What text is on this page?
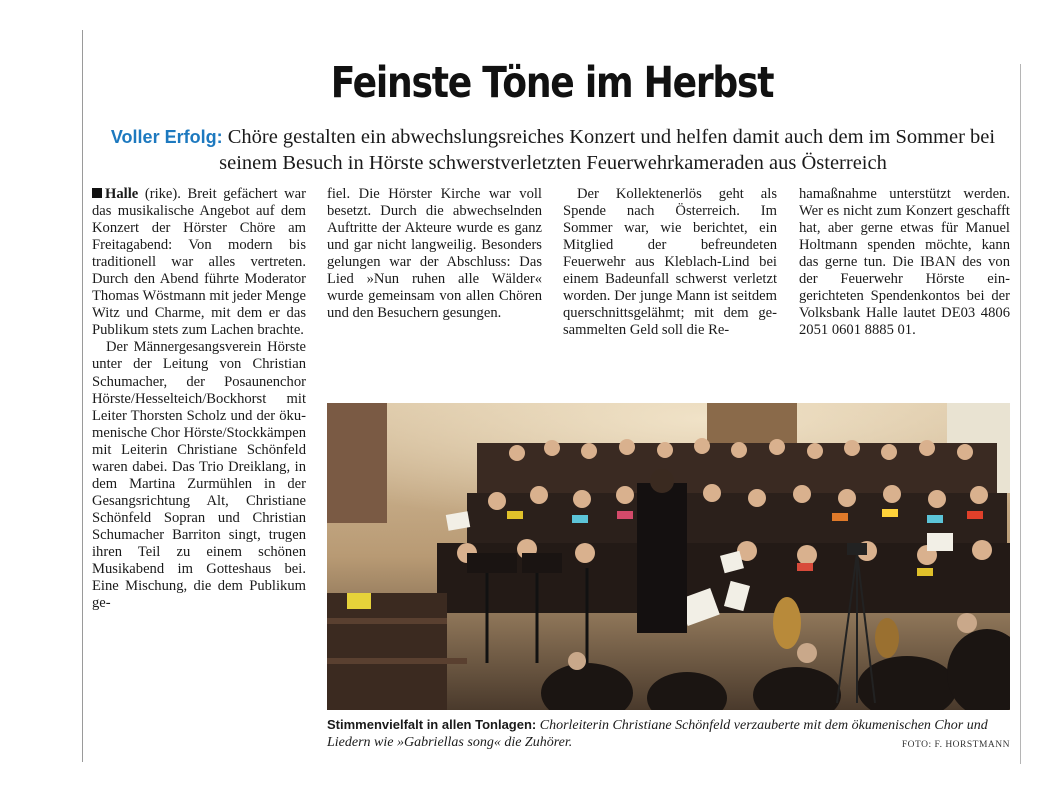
Feinste Töne im Herbst
Voller Erfolg: Chöre gestalten ein abwechslungsreiches Konzert und helfen damit auch dem im Sommer bei seinem Besuch in Hörste schwerstverletzten Feuerwehrkameraden aus Österreich

Halle (rike). Breit gefächert war das musikalische Angebot auf dem Konzert der Hörster Chöre am Freitagabend: Von modern bis traditionell war alles vertreten. Durch den Abend führte Moderator Thomas Wöstmann mit jeder Menge Witz und Charme, mit dem er das Publikum stets zum Lachen brachte.

Der Männergesangsverein Hörste unter der Leitung von Christian Schumacher, der Posaunenchor Hörste/Hesselteich/Bockhorst mit Leiter Thorsten Scholz und der ökumenische Chor Hörste/Stockkämpen mit Leiterin Christiane Schönfeld waren dabei. Das Trio Dreiklang, in dem Martina Zurmühlen in der Gesangsrichtung Alt, Christiane Schönfeld Sopran und Christian Schumacher Barriton singt, trugen ihren Teil zu einem schönen Musikabend im Gotteshaus bei. Eine Mischung, die dem Publikum ge-

fiel. Die Hörster Kirche war voll besetzt. Durch die abwechselnden Auftritte der Akteure wurde es ganz und gar nicht langweilig. Besonders gelungen war der Abschluss: Das Lied »Nun ruhen alle Wälder« wurde gemeinsam von allen Chören und den Besuchern gesungen.

Der Kollektenerlös geht als Spende nach Österreich. Im Sommer war, wie berichtet, ein Mitglied der befreundeten Feuerwehr aus Kleblach-Lind bei einem Badeunfall schwerst verletzt worden. Der junge Mann ist seitdem querschnittsgelähmt; mit dem gesammelten Geld soll die Re-

hamaßnahme unterstützt werden. Wer es nicht zum Konzert geschafft hat, aber gerne etwas für Manuel Holtmann spenden möchte, kann das gerne tun. Die IBAN des von der Feuerwehr Hörste eingerichteten Spendenkontos bei der Volksbank Halle lautet DE03 4806 2051 0601 8885 01.

Stimmenvielfalt in allen Tonlagen: Chorleiterin Christiane Schönfeld verzauberte mit dem ökumenischen Chor und Liedern wie »Gabriellas song« die Zuhörer.	FOTO: F. HORSTMANN
